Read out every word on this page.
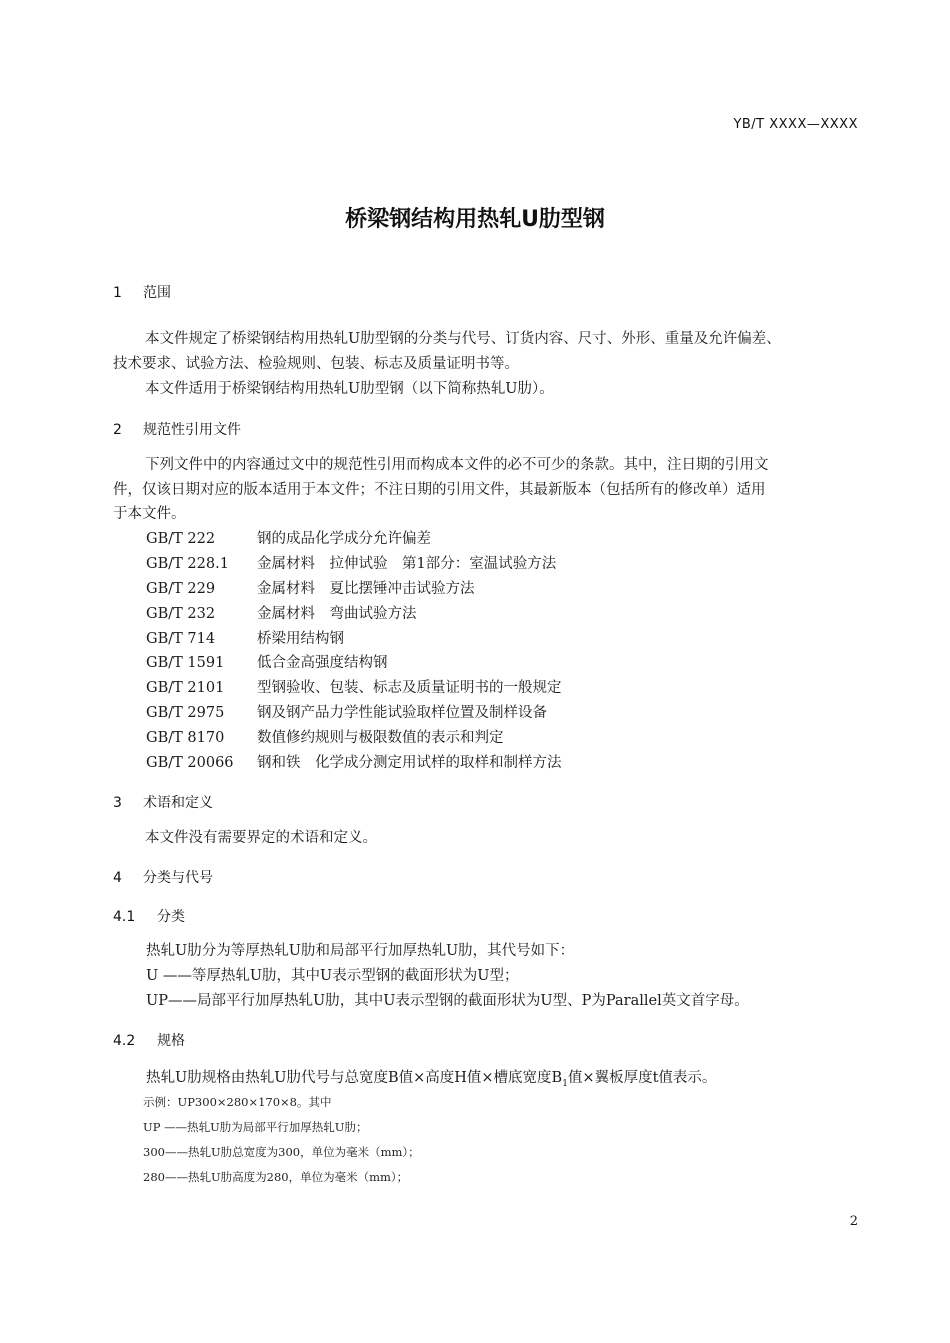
YB/T XXXX—XXXX
桥梁钢结构用热轧U肋型钢
1 范围
本文件规定了桥梁钢结构用热轧U肋型钢的分类与代号、订货内容、尺寸、外形、重量及允许偏差、
技术要求、试验方法、检验规则、包装、标志及质量证明书等。
本文件适用于桥梁钢结构用热轧U肋型钢（以下简称热轧U肋）。
2 规范性引用文件
下列文件中的内容通过文中的规范性引用而构成本文件的必不可少的条款。其中，注日期的引用文
件，仅该日期对应的版本适用于本文件；不注日期的引用文件，其最新版本（包括所有的修改单）适用
于本文件。
GB/T 222	钢的成品化学成分允许偏差
GB/T 228.1 金属材料　拉伸试验　第1部分：室温试验方法
GB/T 229	金属材料　夏比摆锤冲击试验方法
GB/T 232	金属材料　弯曲试验方法
GB/T 714	桥梁用结构钢
GB/T 1591 低合金高强度结构钢
GB/T 2101 型钢验收、包装、标志及质量证明书的一般规定
GB/T 2975 钢及钢产品力学性能试验取样位置及制样设备
GB/T 8170 数值修约规则与极限数值的表示和判定
GB/T 20066 钢和铁　化学成分测定用试样的取样和制样方法
3 术语和定义
本文件没有需要界定的术语和定义。
4 分类与代号
4.1 分类
热轧U肋分为等厚热轧U肋和局部平行加厚热轧U肋，其代号如下：
U ——等厚热轧U肋，其中U表示型钢的截面形状为U型；
UP——局部平行加厚热轧U肋，其中U表示型钢的截面形状为U型、P为Parallel英文首字母。
4.2 规格
热轧U肋规格由热轧U肋代号与总宽度B值×高度H值×槽底宽度$B_1$值×翼板厚度t值表示。
示例：UP300×280×170×8。其中
UP ——热轧U肋为局部平行加厚热轧U肋；
300——热轧U肋总宽度为300，单位为毫米（mm）；
280——热轧U肋高度为280，单位为毫米（mm）；
2
